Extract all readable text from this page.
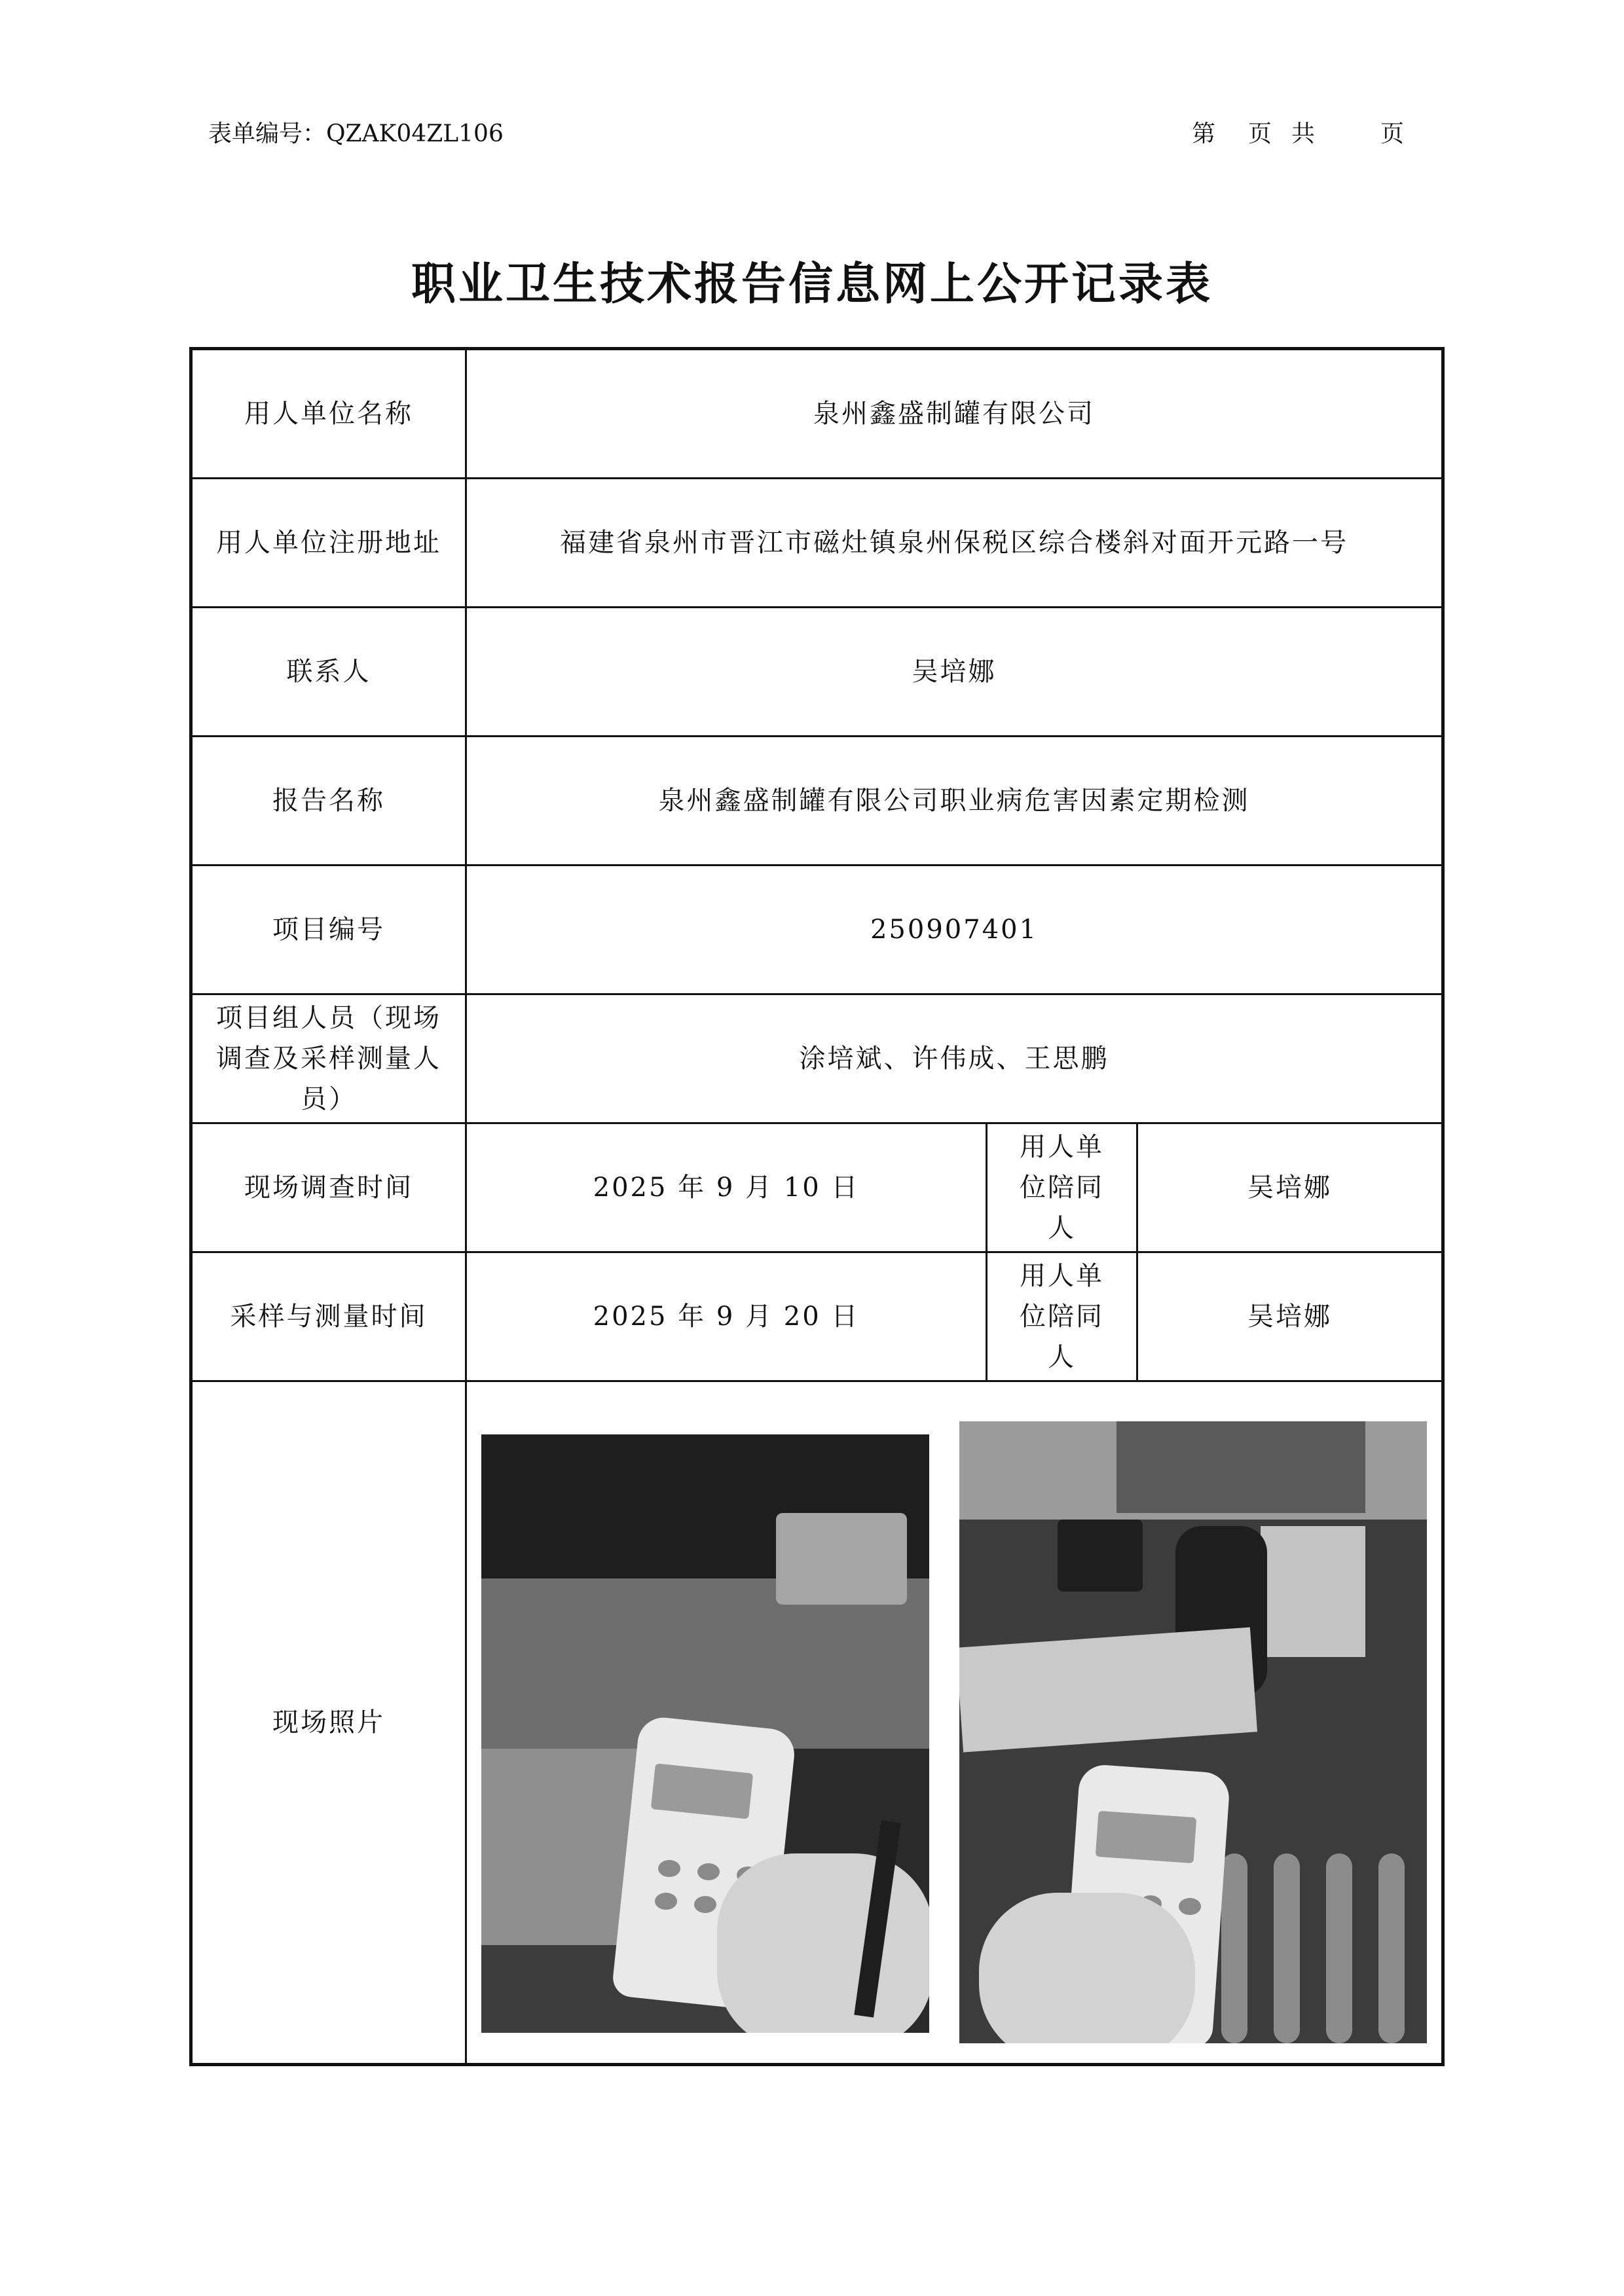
表单编号：QZAK04ZL106	第 页共 页
职业卫生技术报告信息网上公开记录表
用人单位名称	泉州鑫盛制罐有限公司		
用人单位注册地址	福建省泉州市晋江市磁灶镇泉州保税区综合楼斜对面开元路一号		
联系人	吴培娜		
报告名称	泉州鑫盛制罐有限公司职业病危害因素定期检测		
项目编号	250907401		
项目组人员（现场调查及采样测量人员）	涂培斌、许伟成、王思鹏		
现场调查时间	2025 年 9 月 10 日	用人单位陪同人	吴培娜
采样与测量时间	2025 年 9 月 20 日	用人单位陪同人	吴培娜
现场照片			
